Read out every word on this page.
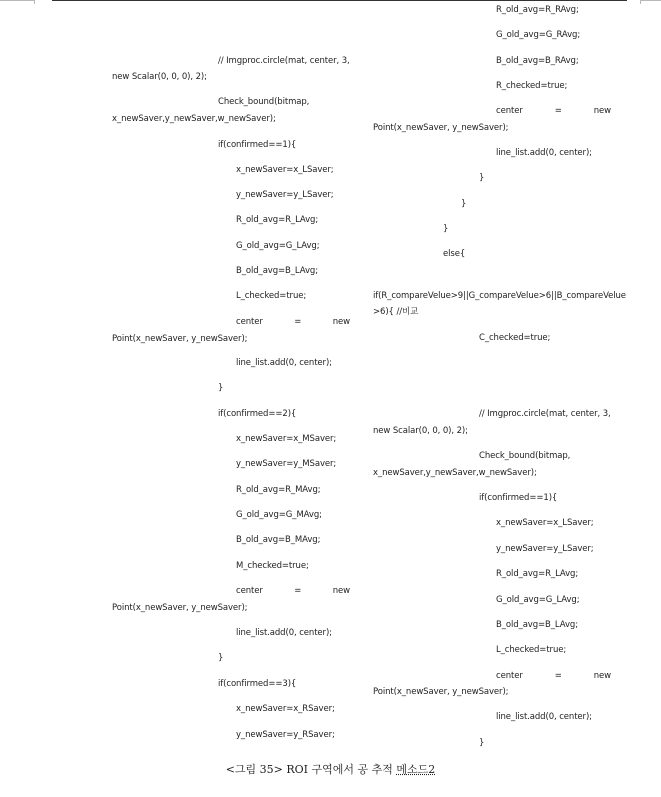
// Imgproc.circle(mat, center, 3,
new Scalar(0, 0, 0), 2);
Check_bound(bitmap,
x_newSaver,y_newSaver,w_newSaver);
if(confirmed==1){
x_newSaver=x_LSaver;
y_newSaver=y_LSaver;
R_old_avg=R_LAvg;
G_old_avg=G_LAvg;
B_old_avg=B_LAvg;
L_checked=true;
center	=	new
Point(x_newSaver, y_newSaver);
line_list.add(0, center);
}
if(confirmed==2){
x_newSaver=x_MSaver;
y_newSaver=y_MSaver;
R_old_avg=R_MAvg;
G_old_avg=G_MAvg;
B_old_avg=B_MAvg;
M_checked=true;
center	=	new
Point(x_newSaver, y_newSaver);
line_list.add(0, center);
}
if(confirmed==3){
x_newSaver=x_RSaver;
y_newSaver=y_RSaver;
R_old_avg=R_RAvg;
G_old_avg=G_RAvg;
B_old_avg=B_RAvg;
R_checked=true;
center	=	new
Point(x_newSaver, y_newSaver);
line_list.add(0, center);
}
}
}
else{
if(R_compareVelue>9||G_compareVelue>6||B_compareVelue
>6){ //비교
C_checked=true;
// Imgproc.circle(mat, center, 3,
new Scalar(0, 0, 0), 2);
Check_bound(bitmap,
x_newSaver,y_newSaver,w_newSaver);
if(confirmed==1){
x_newSaver=x_LSaver;
y_newSaver=y_LSaver;
R_old_avg=R_LAvg;
G_old_avg=G_LAvg;
B_old_avg=B_LAvg;
L_checked=true;
center	=	new
Point(x_newSaver, y_newSaver);
line_list.add(0, center);
}
<그림 35> ROI 구역에서 공 추적 메소드2
